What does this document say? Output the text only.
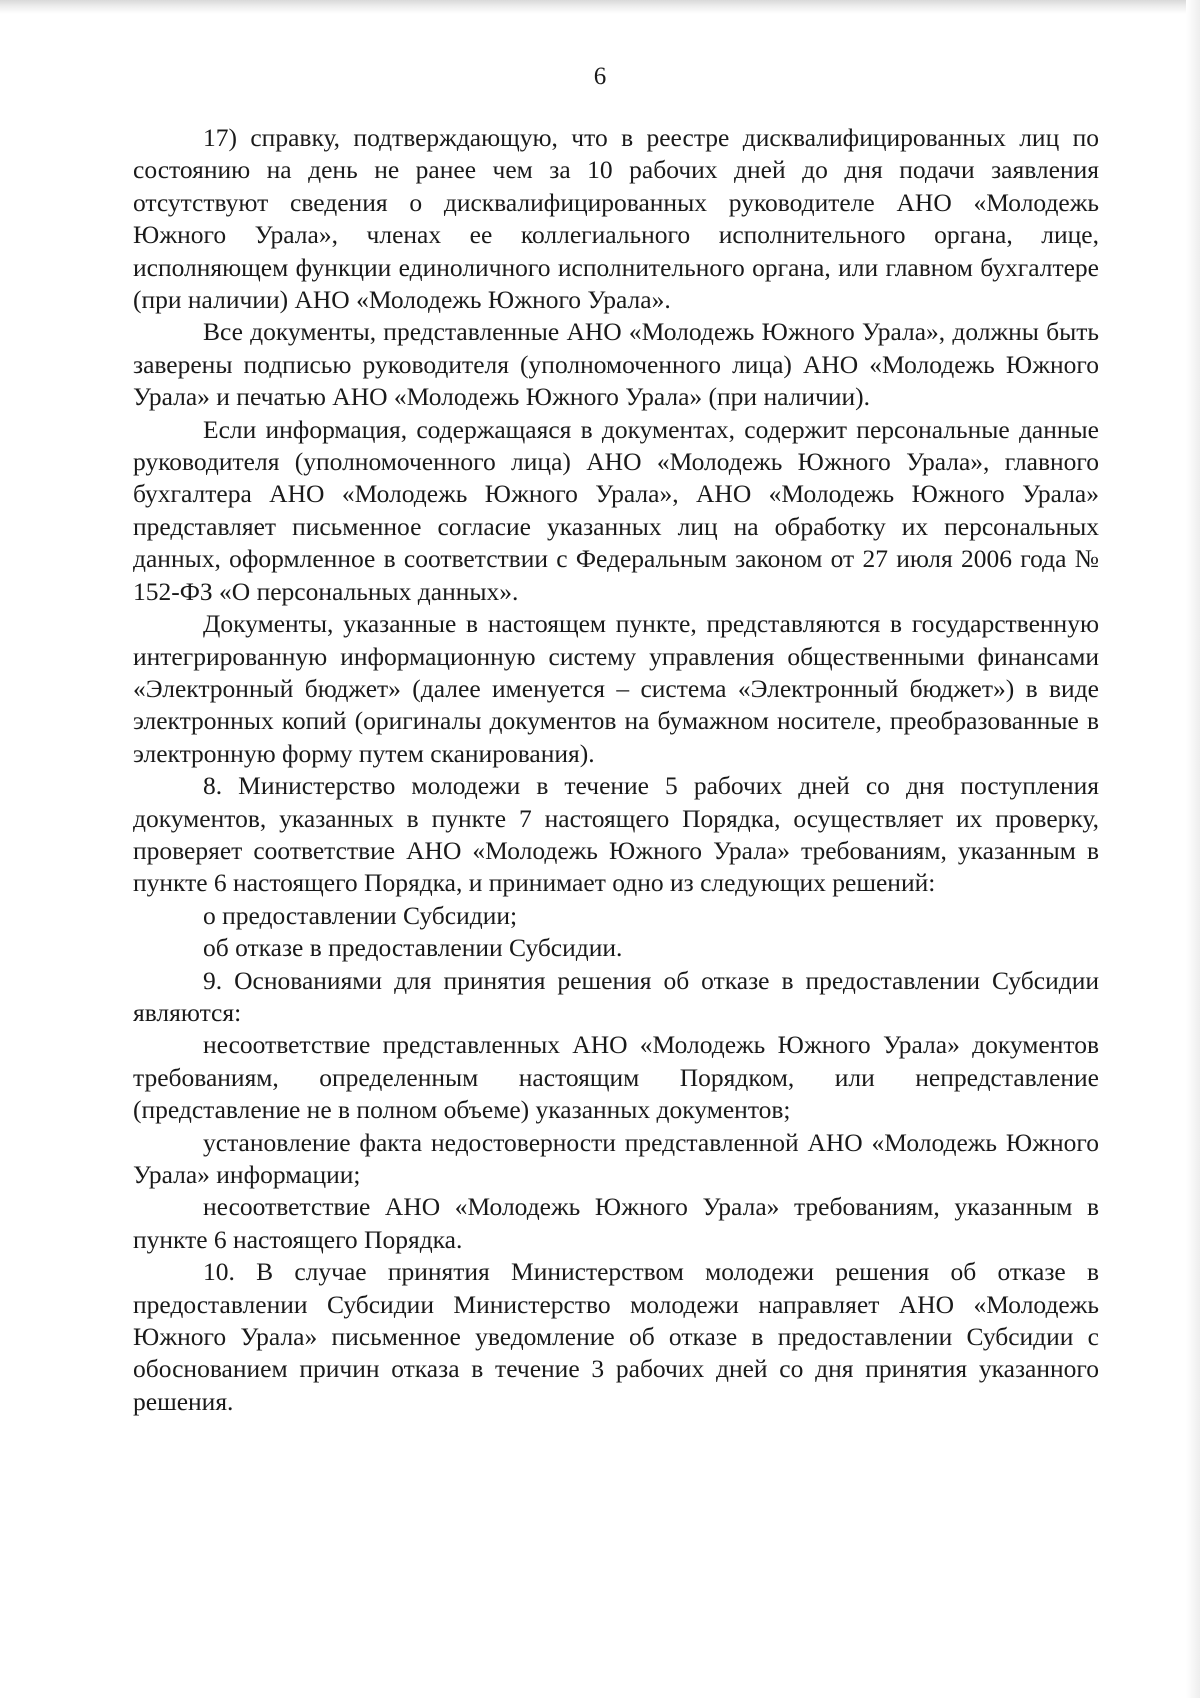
6

17) справку, подтверждающую, что в реестре дисквалифицированных лиц по состоянию на день не ранее чем за 10 рабочих дней до дня подачи заявления отсутствуют сведения о дисквалифицированных руководителе АНО «Молодежь Южного Урала», членах ее коллегиального исполнительного органа, лице, исполняющем функции единоличного исполнительного органа, или главном бухгалтере (при наличии) АНО «Молодежь Южного Урала».

Все документы, представленные АНО «Молодежь Южного Урала», должны быть заверены подписью руководителя (уполномоченного лица) АНО «Молодежь Южного Урала» и печатью АНО «Молодежь Южного Урала» (при наличии).

Если информация, содержащаяся в документах, содержит персональные данные руководителя (уполномоченного лица) АНО «Молодежь Южного Урала», главного бухгалтера АНО «Молодежь Южного Урала», АНО «Молодежь Южного Урала» представляет письменное согласие указанных лиц на обработку их персональных данных, оформленное в соответствии с Федеральным законом от 27 июля 2006 года № 152-ФЗ «О персональных данных».

Документы, указанные в настоящем пункте, представляются в государственную интегрированную информационную систему управления общественными финансами «Электронный бюджет» (далее именуется – система «Электронный бюджет») в виде электронных копий (оригиналы документов на бумажном носителе, преобразованные в электронную форму путем сканирования).

8. Министерство молодежи в течение 5 рабочих дней со дня поступления документов, указанных в пункте 7 настоящего Порядка, осуществляет их проверку, проверяет соответствие АНО «Молодежь Южного Урала» требованиям, указанным в пункте 6 настоящего Порядка, и принимает одно из следующих решений:

о предоставлении Субсидии;

об отказе в предоставлении Субсидии.

9. Основаниями для принятия решения об отказе в предоставлении Субсидии являются:

несоответствие представленных АНО «Молодежь Южного Урала» документов требованиям, определенным настоящим Порядком, или непредставление (представление не в полном объеме) указанных документов;

установление факта недостоверности представленной АНО «Молодежь Южного Урала» информации;

несоответствие АНО «Молодежь Южного Урала» требованиям, указанным в пункте 6 настоящего Порядка.

10. В случае принятия Министерством молодежи решения об отказе в предоставлении Субсидии Министерство молодежи направляет АНО «Молодежь Южного Урала» письменное уведомление об отказе в предоставлении Субсидии с обоснованием причин отказа в течение 3 рабочих дней со дня принятия указанного решения.
